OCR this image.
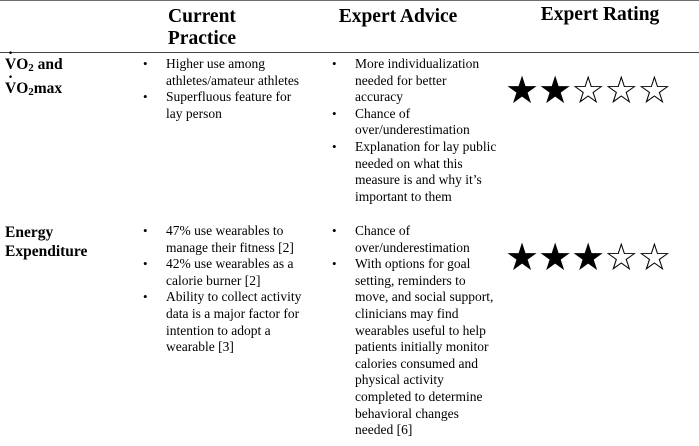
Current Practice
Expert Advice	Expert Rating
· $VO_2$ and
· $VO_2\max$
• Higher use among athletes/amateur athletes
• Superfluous feature for lay person
• More individualization needed for better accuracy
• Chance of over/underestimation
• Explanation for lay public needed on what this measure is and why it’s important to them
★★☆☆☆
Energy
Expenditure
• 47% use wearables to manage their fitness [2]
• 42% use wearables as a calorie burner [2]
• Ability to collect activity data is a major factor for intention to adopt a wearable [3]
• Chance of over/underestimation
• With options for goal setting, reminders to move, and social support, clinicians may find wearables useful to help patients initially monitor calories consumed and physical activity completed to determine behavioral changes needed [6]
★★★☆☆
